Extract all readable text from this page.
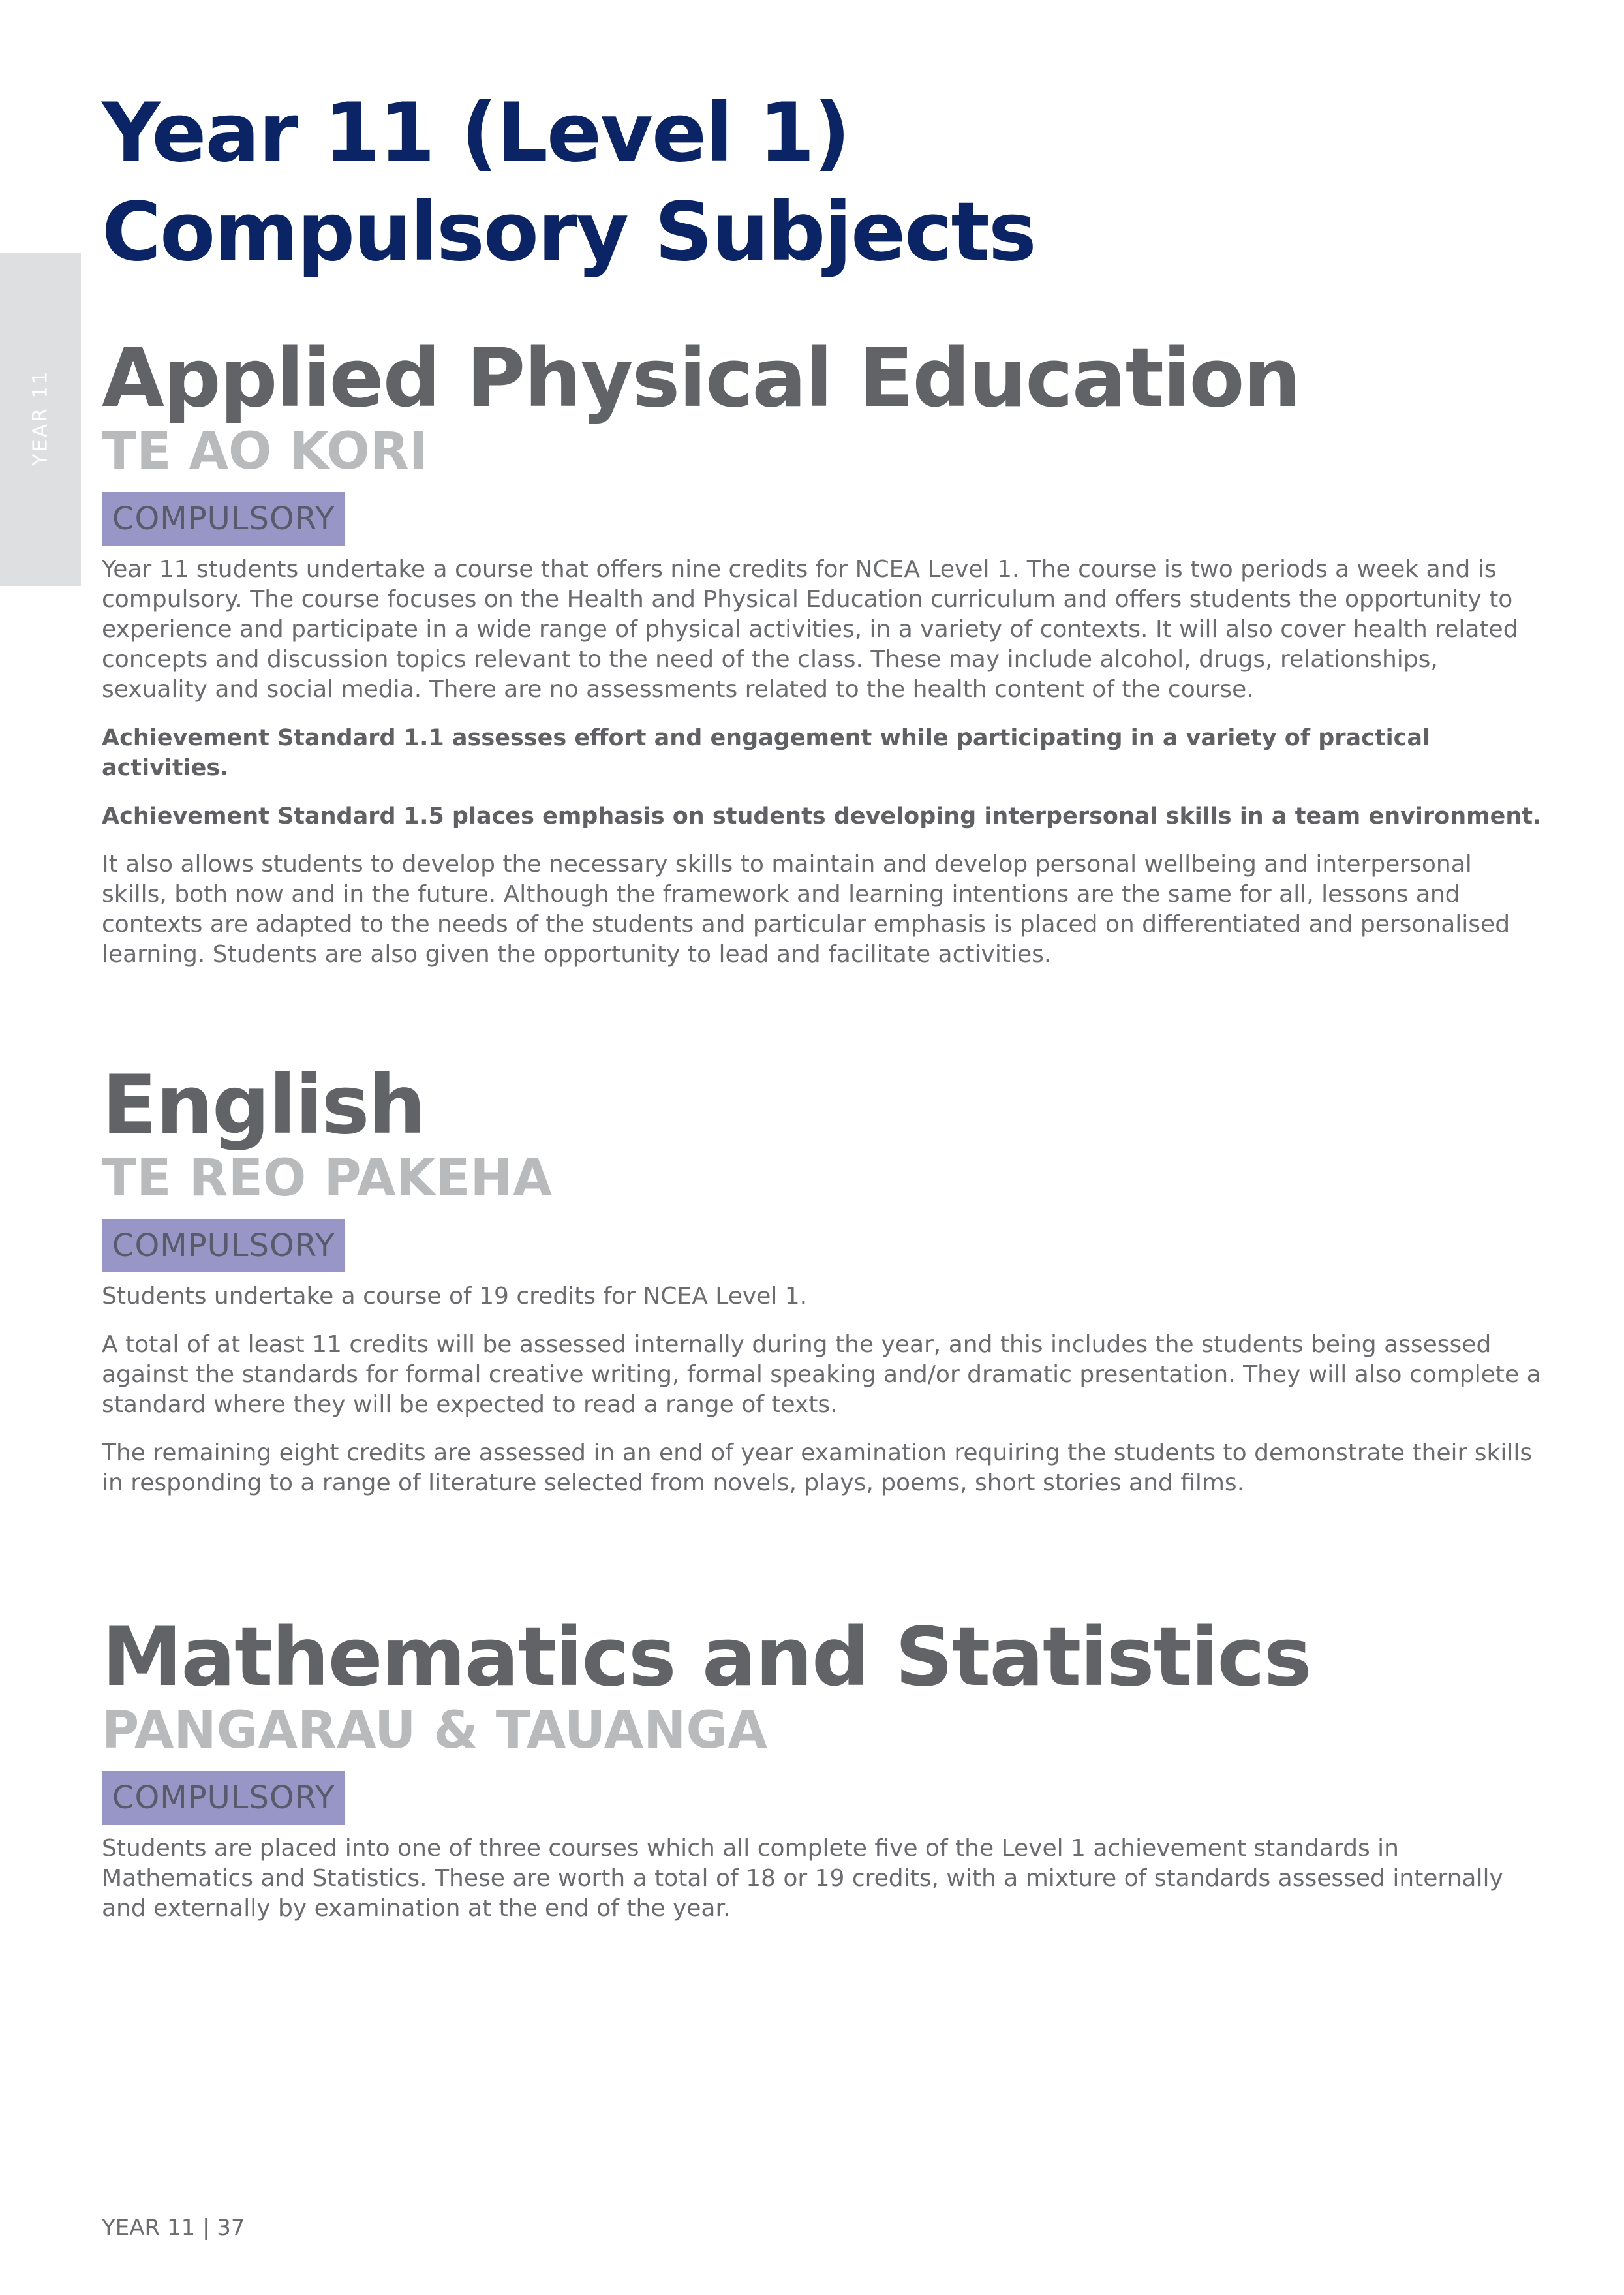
YEAR 11
Year 11 (Level 1)
Compulsory Subjects
Applied Physical Education
TE AO KORI
COMPULSORY

Year 11 students undertake a course that offers nine credits for NCEA Level 1. The course is two periods a week and is compulsory. The course focuses on the Health and Physical Education curriculum and offers students the opportunity to experience and participate in a wide range of physical activities, in a variety of contexts. It will also cover health related concepts and discussion topics relevant to the need of the class. These may include alcohol, drugs, relationships, sexuality and social media. There are no assessments related to the health content of the course.

Achievement Standard 1.1 assesses effort and engagement while participating in a variety of practical activities.

Achievement Standard 1.5 places emphasis on students developing interpersonal skills in a team environment.

It also allows students to develop the necessary skills to maintain and develop personal wellbeing and interpersonal skills, both now and in the future. Although the framework and learning intentions are the same for all, lessons and contexts are adapted to the needs of the students and particular emphasis is placed on differentiated and personalised learning. Students are also given the opportunity to lead and facilitate activities.

English
TE REO PAKEHA
COMPULSORY

Students undertake a course of 19 credits for NCEA Level 1.

A total of at least 11 credits will be assessed internally during the year, and this includes the students being assessed against the standards for formal creative writing, formal speaking and/or dramatic presentation. They will also complete a standard where they will be expected to read a range of texts.

The remaining eight credits are assessed in an end of year examination requiring the students to demonstrate their skills in responding to a range of literature selected from novels, plays, poems, short stories and films.

Mathematics and Statistics
PANGARAU & TAUANGA
COMPULSORY

Students are placed into one of three courses which all complete five of the Level 1 achievement standards in Mathematics and Statistics. These are worth a total of 18 or 19 credits, with a mixture of standards assessed internally and externally by examination at the end of the year.

YEAR 11 | 37
